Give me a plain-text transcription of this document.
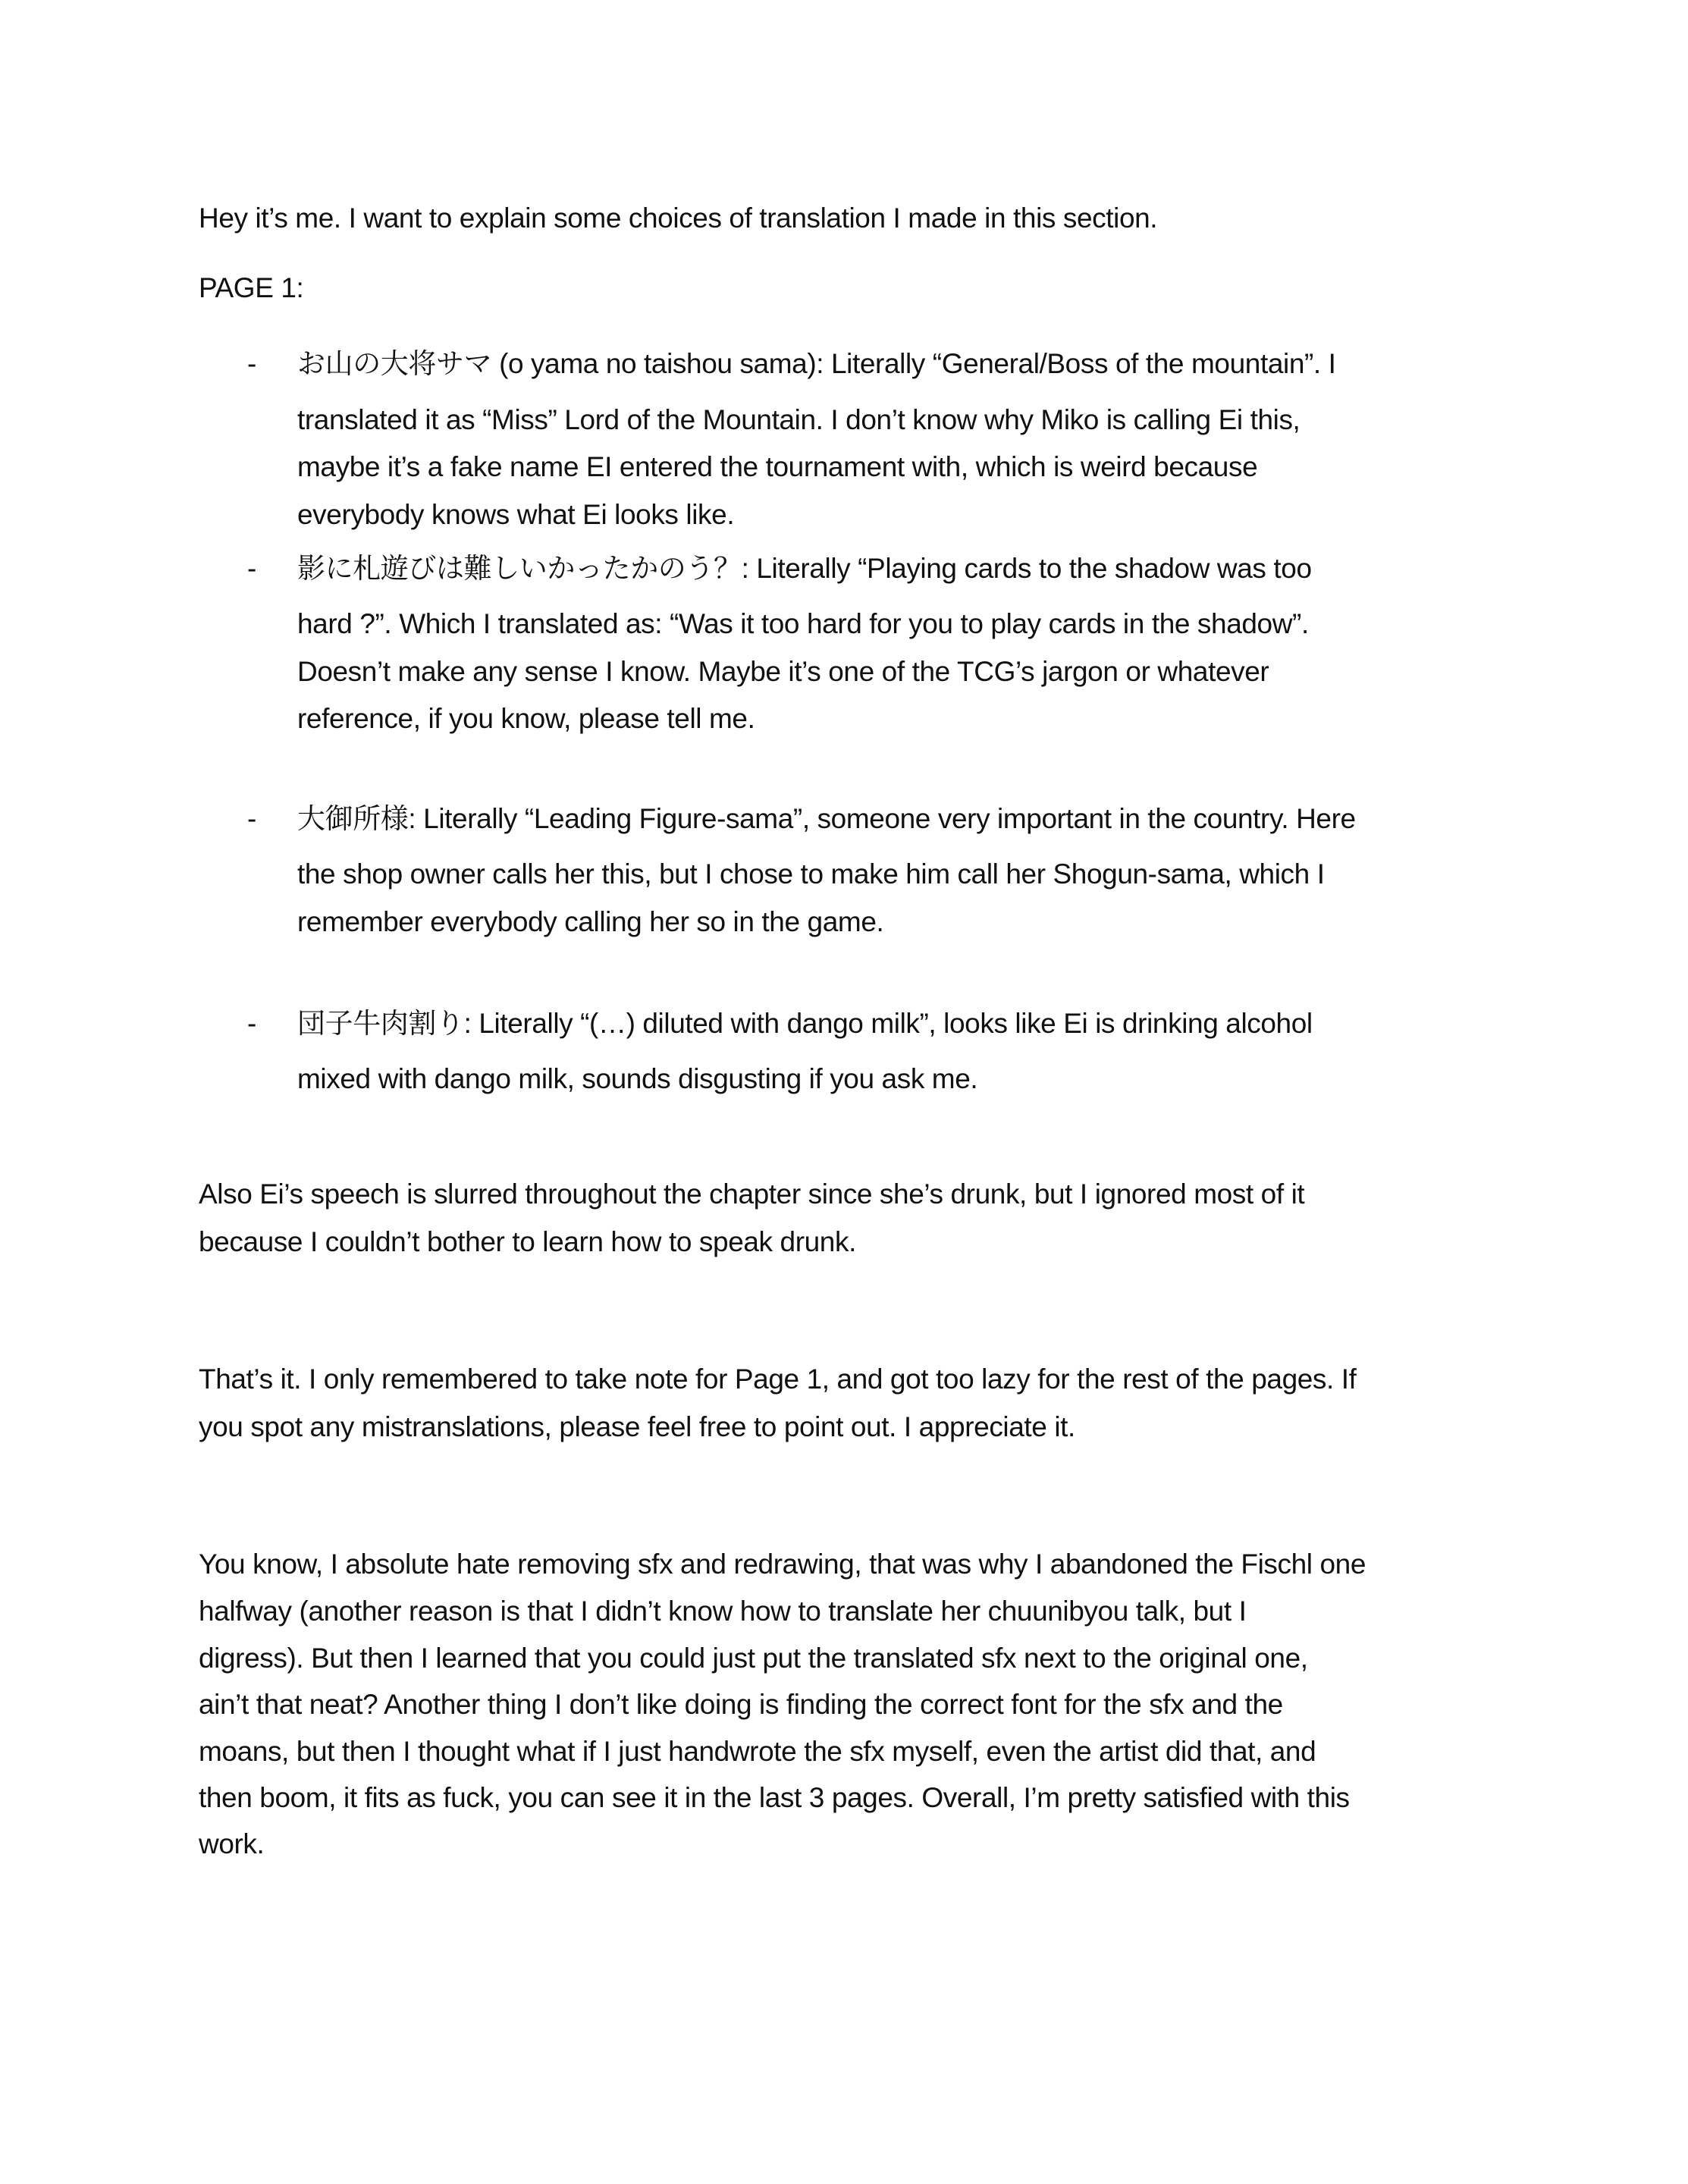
Hey it’s me. I want to explain some choices of translation I made in this section.
PAGE 1:
- お山の大将サマ (o yama no taishou sama): Literally “General/Boss of the mountain”. I
translated it as “Miss” Lord of the Mountain. I don’t know why Miko is calling Ei this,
maybe it’s a fake name EI entered the tournament with, which is weird because
everybody knows what Ei looks like.
- 影に札遊びは難しいかったかのう？: Literally “Playing cards to the shadow was too
hard ?”. Which I translated as: “Was it too hard for you to play cards in the shadow”.
Doesn’t make any sense I know. Maybe it’s one of the TCG’s jargon or whatever
reference, if you know, please tell me.
- 大御所様: Literally “Leading Figure-sama”, someone very important in the country. Here
the shop owner calls her this, but I chose to make him call her Shogun-sama, which I
remember everybody calling her so in the game.
- 団子牛肉割り: Literally “(…) diluted with dango milk”, looks like Ei is drinking alcohol
mixed with dango milk, sounds disgusting if you ask me.
Also Ei’s speech is slurred throughout the chapter since she’s drunk, but I ignored most of it
because I couldn’t bother to learn how to speak drunk.
That’s it. I only remembered to take note for Page 1, and got too lazy for the rest of the pages. If
you spot any mistranslations, please feel free to point out. I appreciate it.
You know, I absolute hate removing sfx and redrawing, that was why I abandoned the Fischl one
halfway (another reason is that I didn’t know how to translate her chuunibyou talk, but I
digress). But then I learned that you could just put the translated sfx next to the original one,
ain’t that neat? Another thing I don’t like doing is finding the correct font for the sfx and the
moans, but then I thought what if I just handwrote the sfx myself, even the artist did that, and
then boom, it fits as fuck, you can see it in the last 3 pages. Overall, I’m pretty satisfied with this
work.
